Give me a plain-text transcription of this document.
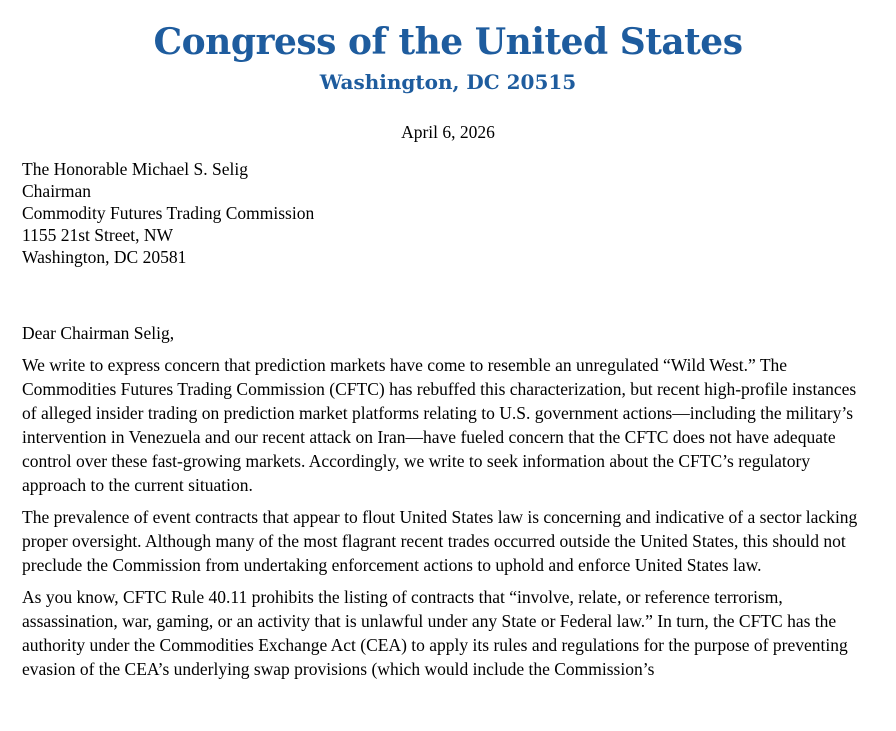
Congress of the United States
Washington, DC 20515
April 6, 2026
The Honorable Michael S. Selig
Chairman
Commodity Futures Trading Commission
1155 21st Street, NW
Washington, DC 20581
Dear Chairman Selig,

We write to express concern that prediction markets have come to resemble an unregulated “Wild West.” The Commodities Futures Trading Commission (CFTC) has rebuffed this characterization, but recent high-profile instances of alleged insider trading on prediction market platforms relating to U.S. government actions—including the military’s intervention in Venezuela and our recent attack on Iran—have fueled concern that the CFTC does not have adequate control over these fast-growing markets. Accordingly, we write to seek information about the CFTC’s regulatory approach to the current situation.

The prevalence of event contracts that appear to flout United States law is concerning and indicative of a sector lacking proper oversight. Although many of the most flagrant recent trades occurred outside the United States, this should not preclude the Commission from undertaking enforcement actions to uphold and enforce United States law.

As you know, CFTC Rule 40.11 prohibits the listing of contracts that “involve, relate, or reference terrorism, assassination, war, gaming, or an activity that is unlawful under any State or Federal law.” In turn, the CFTC has the authority under the Commodities Exchange Act (CEA) to apply its rules and regulations for the purpose of preventing evasion of the CEA’s underlying swap provisions (which would include the Commission’s
